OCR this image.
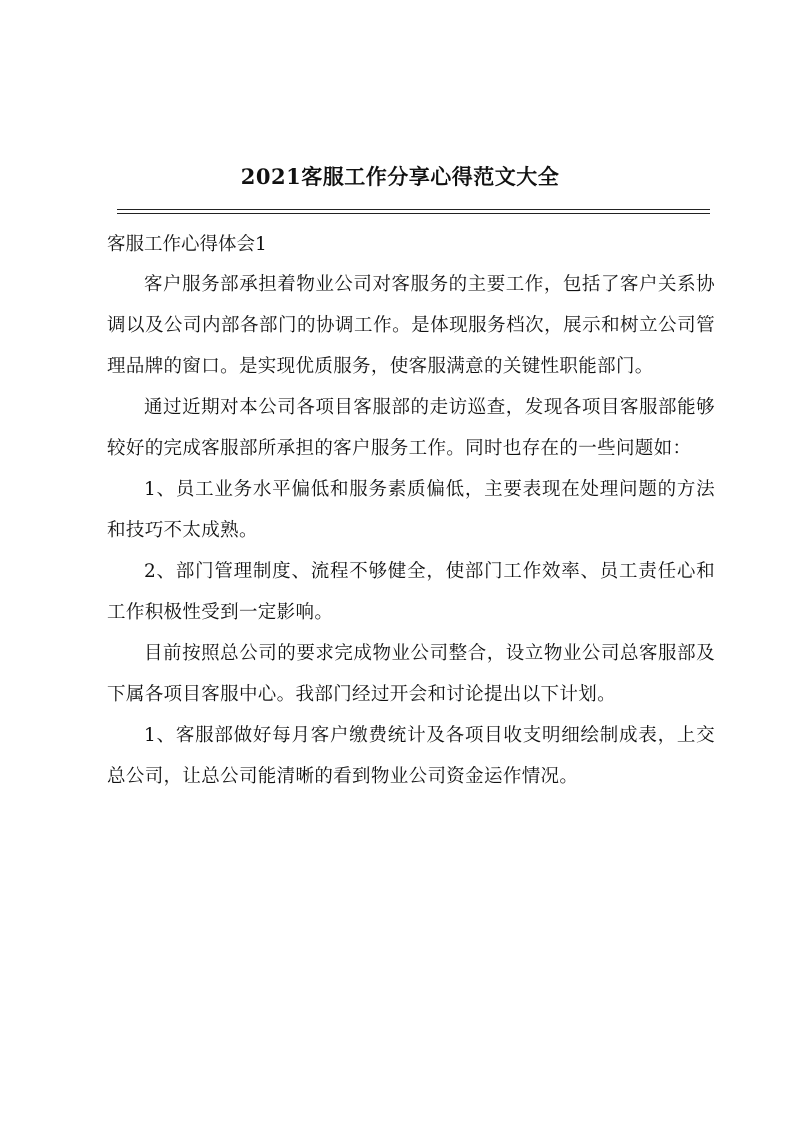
2021客服工作分享心得范文大全

客服工作心得体会1

客户服务部承担着物业公司对客服务的主要工作，包括了客户关系协调以及公司内部各部门的协调工作。是体现服务档次，展示和树立公司管理品牌的窗口。是实现优质服务，使客服满意的关键性职能部门。

通过近期对本公司各项目客服部的走访巡查，发现各项目客服部能够较好的完成客服部所承担的客户服务工作。同时也存在的一些问题如：

1、员工业务水平偏低和服务素质偏低，主要表现在处理问题的方法和技巧不太成熟。

2、部门管理制度、流程不够健全，使部门工作效率、员工责任心和工作积极性受到一定影响。

目前按照总公司的要求完成物业公司整合，设立物业公司总客服部及下属各项目客服中心。我部门经过开会和讨论提出以下计划。

1、客服部做好每月客户缴费统计及各项目收支明细绘制成表，上交总公司，让总公司能清晰的看到物业公司资金运作情况。
